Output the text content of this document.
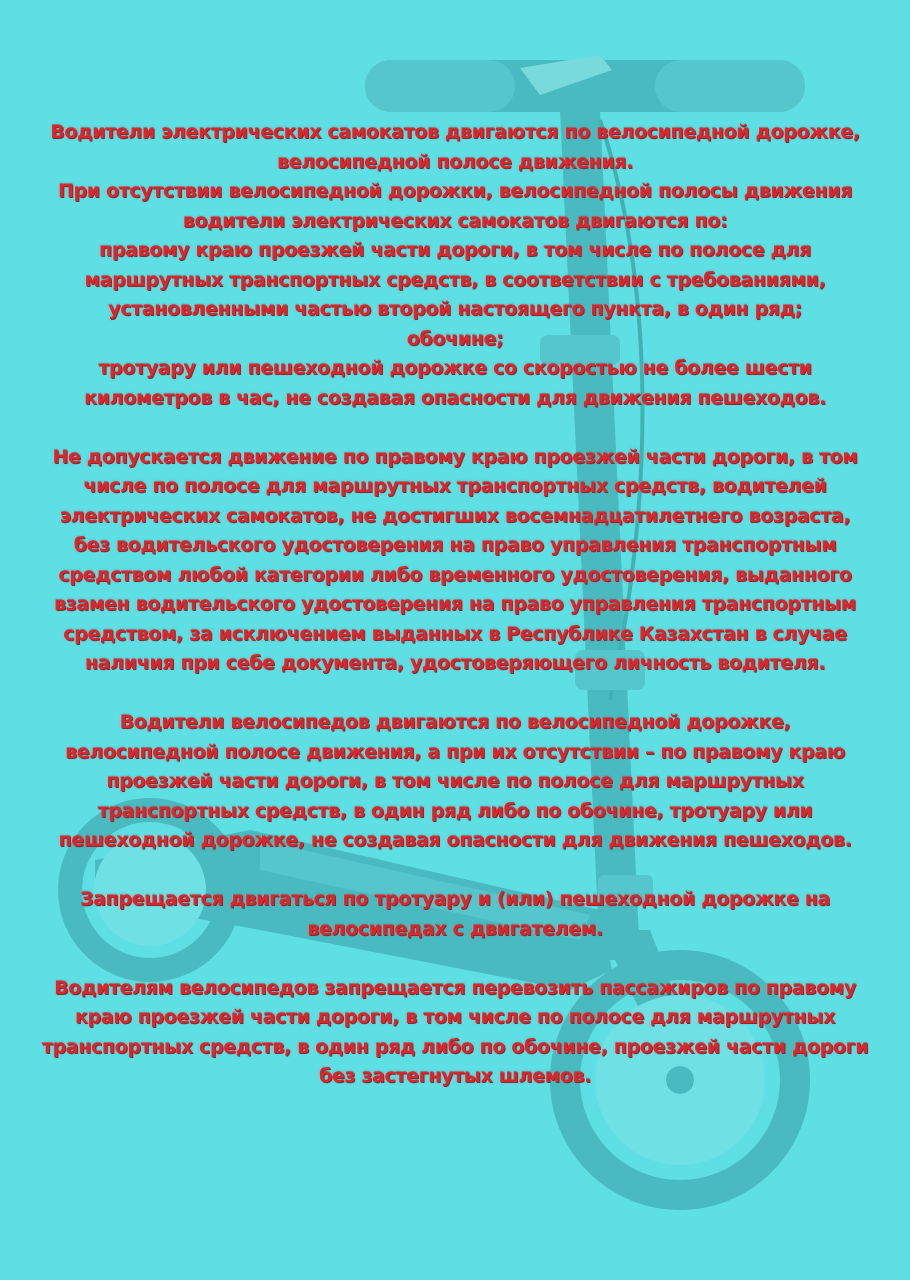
Водители электрических самокатов двигаются по велосипедной дорожке,

велосипедной полосе движения.

При отсутствии велосипедной дорожки, велосипедной полосы движения

водители электрических самокатов двигаются по:

правому краю проезжей части дороги, в том числе по полосе для

маршрутных транспортных средств, в соответствии с требованиями,

установленными частью второй настоящего пункта, в один ряд;

обочине;

тротуару или пешеходной дорожке со скоростью не более шести

километров в час, не создавая опасности для движения пешеходов.

Не допускается движение по правому краю проезжей части дороги, в том

числе по полосе для маршрутных транспортных средств, водителей

электрических самокатов, не достигших восемнадцатилетнего возраста,

без водительского удостоверения на право управления транспортным

средством любой категории либо временного удостоверения, выданного

взамен водительского удостоверения на право управления транспортным

средством, за исключением выданных в Республике Казахстан в случае

наличия при себе документа, удостоверяющего личность водителя.

Водители велосипедов двигаются по велосипедной дорожке,

велосипедной полосе движения, а при их отсутствии – по правому краю

проезжей части дороги, в том числе по полосе для маршрутных

транспортных средств, в один ряд либо по обочине, тротуару или

пешеходной дорожке, не создавая опасности для движения пешеходов.

Запрещается двигаться по тротуару и (или) пешеходной дорожке на

велосипедах с двигателем.

Водителям велосипедов запрещается перевозить пассажиров по правому

краю проезжей части дороги, в том числе по полосе для маршрутных

транспортных средств, в один ряд либо по обочине, проезжей части дороги

без застегнутых шлемов.
